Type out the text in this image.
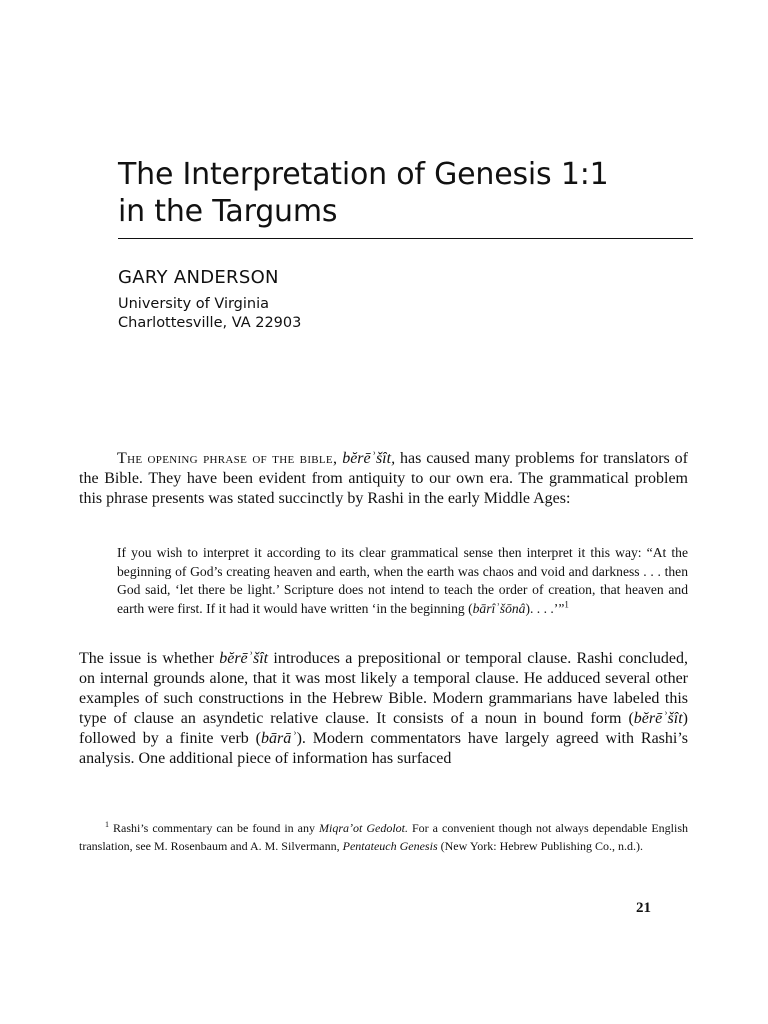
The Interpretation of Genesis 1:1
in the Targums

GARY ANDERSON

University of Virginia
Charlottesville, VA 22903

The opening phrase of the bible, bĕrēʾšît, has caused many problems for translators of the Bible. They have been evident from antiquity to our own era. The grammatical problem this phrase presents was stated succinctly by Rashi in the early Middle Ages:

If you wish to interpret it according to its clear grammatical sense then interpret it this way: “At the beginning of God’s creating heaven and earth, when the earth was chaos and void and darkness . . . then God said, ‘let there be light.’ Scripture does not intend to teach the order of creation, that heaven and earth were first. If it had it would have written ‘in the beginning (bārîʾšōnâ). . . .’”$^1$

The issue is whether bĕrēʾšît introduces a prepositional or temporal clause. Rashi concluded, on internal grounds alone, that it was most likely a temporal clause. He adduced several other examples of such constructions in the Hebrew Bible. Modern grammarians have labeled this type of clause an asyndetic relative clause. It consists of a noun in bound form (bĕrēʾšît) followed by a finite verb (bārāʾ). Modern commentators have largely agreed with Rashi’s analysis. One additional piece of information has surfaced

$^1$ Rashi’s commentary can be found in any Miqraʼot Gedolot. For a convenient though not always dependable English translation, see M. Rosenbaum and A. M. Silvermann, Pentateuch Genesis (New York: Hebrew Publishing Co., n.d.).

21
